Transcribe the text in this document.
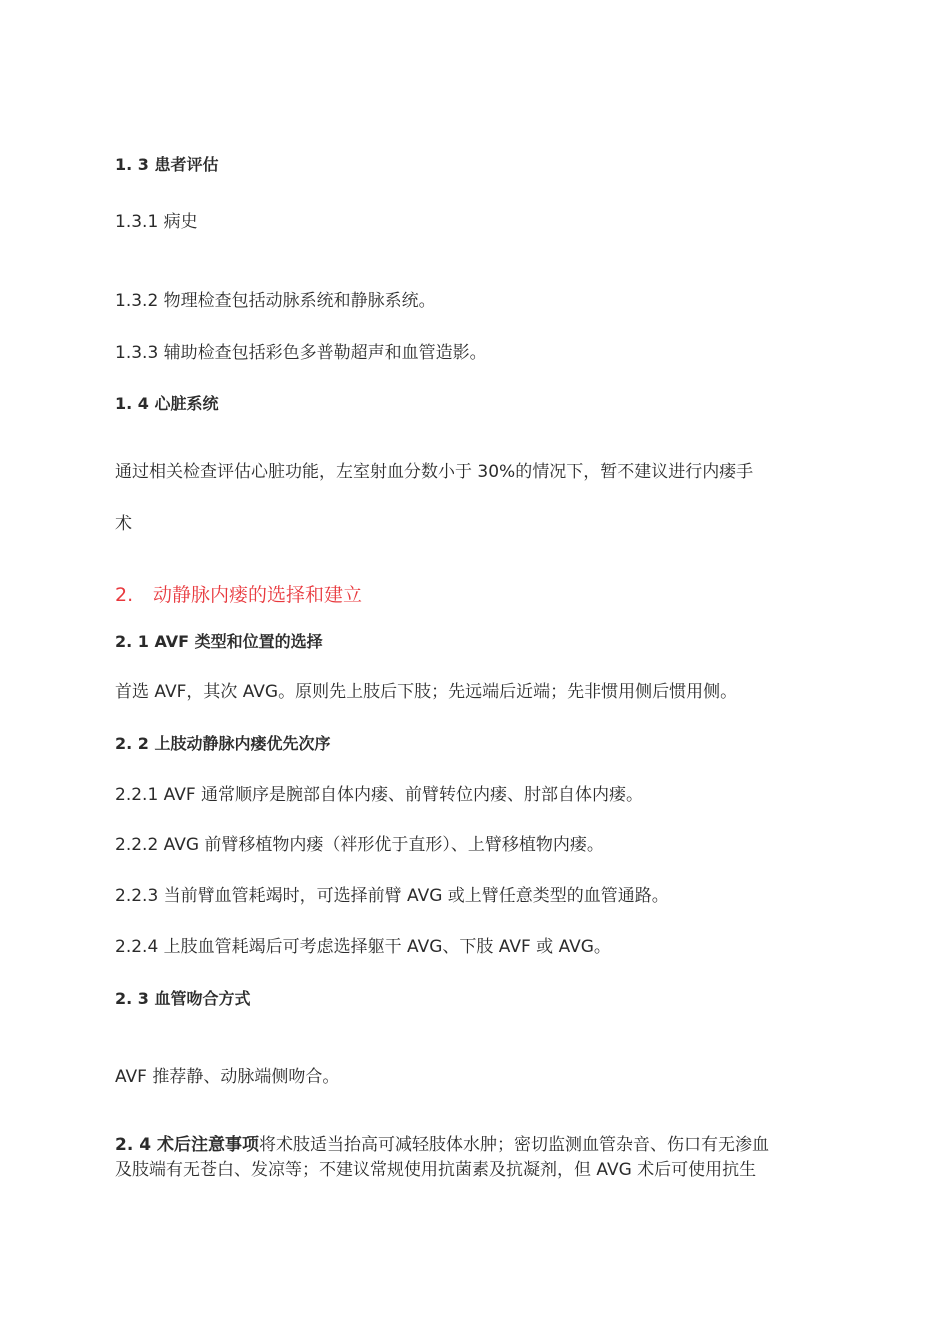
1. 3 患者评估
1.3.1 病史
1.3.2 物理检查包括动脉系统和静脉系统。
1.3.3 辅助检查包括彩色多普勒超声和血管造影。
1. 4 心脏系统
通过相关检查评估心脏功能，左室射血分数小于 30%的情况下，暂不建议进行内瘘手
术
2. 动静脉内瘘的选择和建立
2. 1 AVF 类型和位置的选择
首选 AVF，其次 AVG。原则先上肢后下肢；先远端后近端；先非惯用侧后惯用侧。
2. 2 上肢动静脉内瘘优先次序
2.2.1 AVF 通常顺序是腕部自体内瘘、前臂转位内瘘、肘部自体内瘘。
2.2.2 AVG 前臂移植物内瘘（袢形优于直形）、上臂移植物内瘘。
2.2.3 当前臂血管耗竭时，可选择前臂 AVG 或上臂任意类型的血管通路。
2.2.4 上肢血管耗竭后可考虑选择躯干 AVG、下肢 AVF 或 AVG。
2. 3 血管吻合方式
AVF 推荐静、动脉端侧吻合。
2. 4 术后注意事项将术肢适当抬高可减轻肢体水肿；密切监测血管杂音、伤口有无渗血
及肢端有无苍白、发凉等；不建议常规使用抗菌素及抗凝剂，但 AVG 术后可使用抗生
